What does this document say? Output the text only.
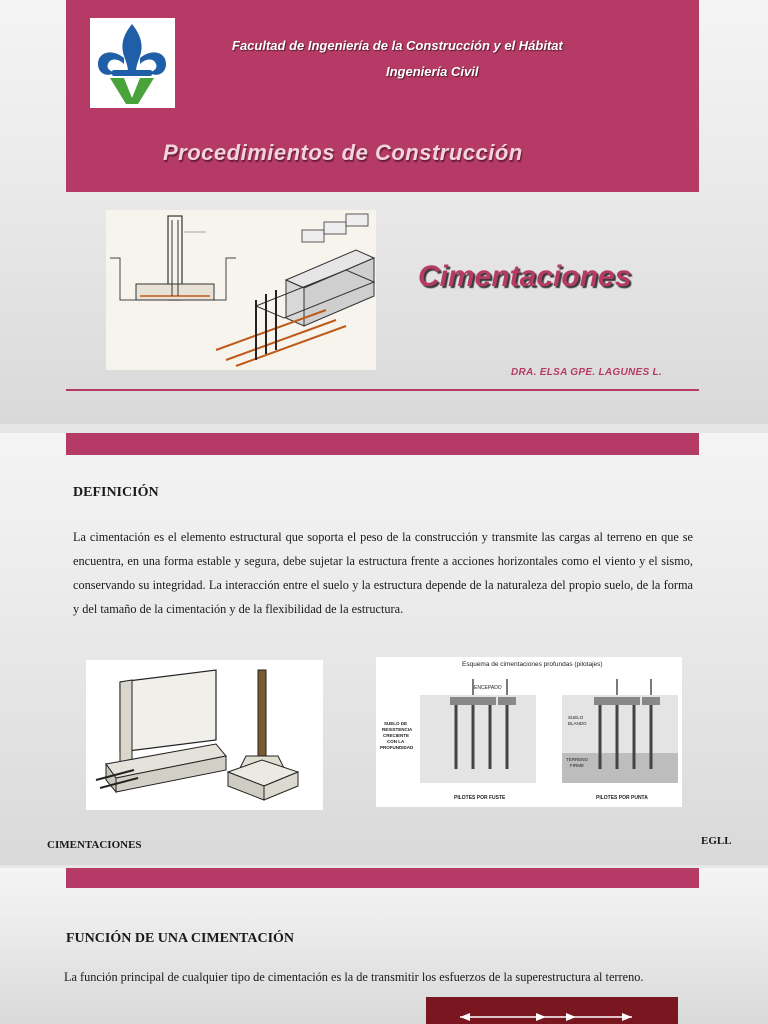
Facultad de Ingeniería de la Construcción y el Hábitat
Ingeniería Civil
Procedimientos de Construcción
Cimentaciones
DRA. ELSA GPE. LAGUNES L.
DEFINICIÓN
La cimentación es el elemento estructural que soporta el peso de la construcción y transmite las cargas al terreno en que se encuentra, en una forma estable y segura, debe sujetar la estructura frente a acciones horizontales como el viento y el sismo, conservando su integridad. La interacción entre el suelo y la estructura depende de la naturaleza del propio suelo, de la forma y del tamaño de la cimentación y de la flexibilidad de la estructura.
Esquema de cimentaciones profundas (pilotajes)
ENCEPADO
SUELO DE
RESISTENCIA
CRECIENTE
CON LA
PROFUNDIDAD
SUELO
BLANDO
TERRENO
FIRME
PILOTES POR FUSTE	PILOTES POR PUNTA
CIMENTACIONES	EGLL
FUNCIÓN DE UNA CIMENTACIÓN
La función principal de cualquier tipo de cimentación es la de transmitir los esfuerzos de la superestructura al terreno.
